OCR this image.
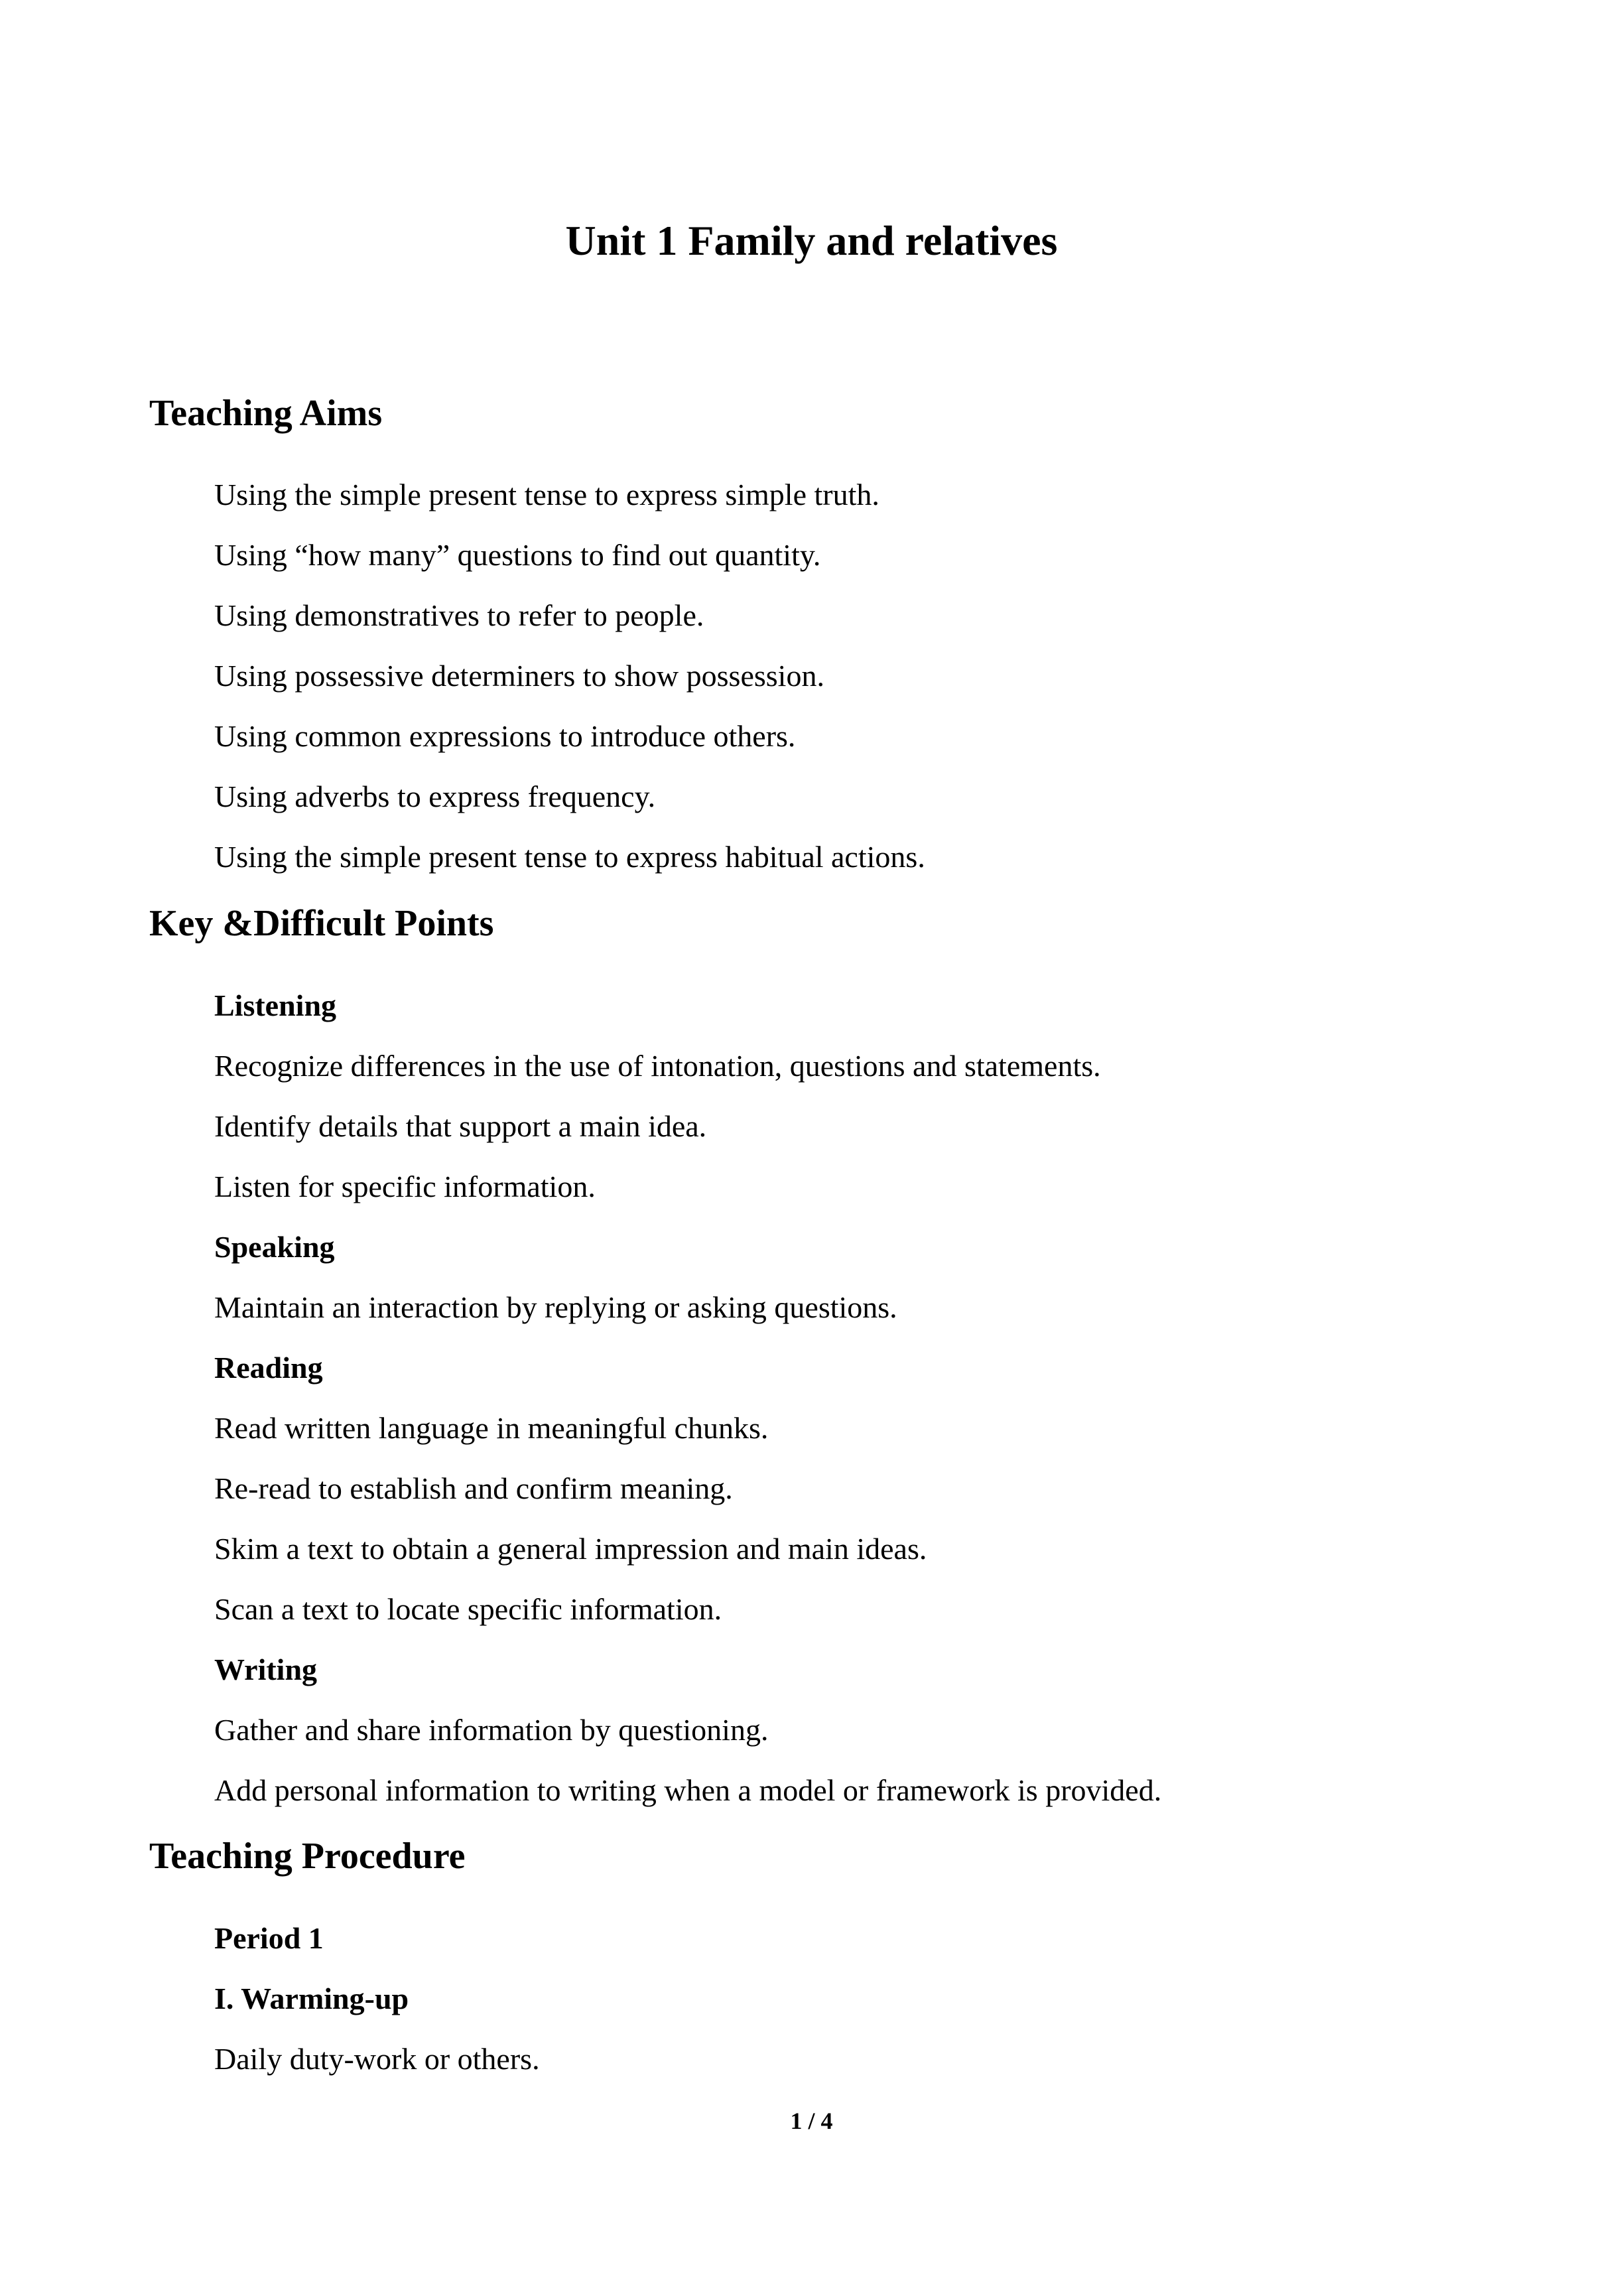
Unit 1 Family and relatives
Teaching Aims
Using the simple present tense to express simple truth.
Using “how many” questions to find out quantity.
Using demonstratives to refer to people.
Using possessive determiners to show possession.
Using common expressions to introduce others.
Using adverbs to express frequency.
Using the simple present tense to express habitual actions.
Key &Difficult Points
Listening
Recognize differences in the use of intonation, questions and statements.
Identify details that support a main idea.
Listen for specific information.
Speaking
Maintain an interaction by replying or asking questions.
Reading
Read written language in meaningful chunks.
Re-read to establish and confirm meaning.
Skim a text to obtain a general impression and main ideas.
Scan a text to locate specific information.
Writing
Gather and share information by questioning.
Add personal information to writing when a model or framework is provided.
Teaching Procedure
Period 1
I. Warming-up
Daily duty-work or others.
1 / 4
